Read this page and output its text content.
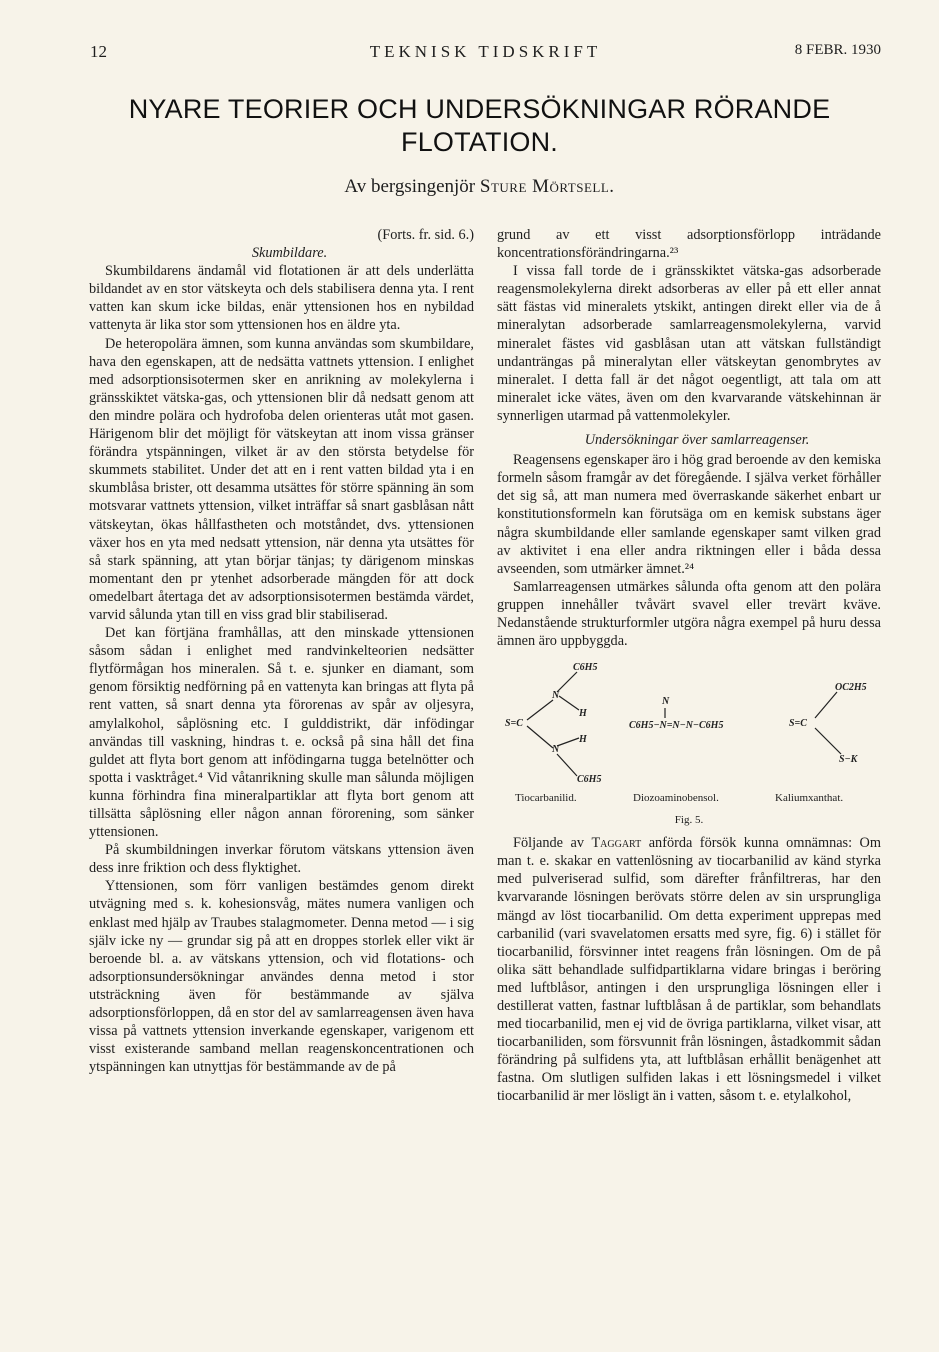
12	TEKNISK TIDSKRIFT	8 FEBR. 1930
NYARE TEORIER OCH UNDERSÖKNINGAR RÖRANDE
FLOTATION.
Av bergsingenjör Sture Mörtsell.

(Forts. fr. sid. 6.)

Skumbildare.

Skumbildarens ändamål vid flotationen är att dels underlätta bildandet av en stor vätskeyta och dels stabilisera denna yta. I rent vatten kan skum icke bildas, enär yttensionen hos en nybildad vattenyta är lika stor som yttensionen hos en äldre yta.

De heteropolära ämnen, som kunna användas som skumbildare, hava den egenskapen, att de nedsätta vattnets yttension. I enlighet med adsorptionsisotermen sker en anrikning av molekylerna i gränsskiktet vätska-gas, och yttensionen blir då nedsatt genom att den mindre polära och hydrofoba delen orienteras utåt mot gasen. Härigenom blir det möjligt för vätskeytan att inom vissa gränser förändra ytspänningen, vilket är av den största betydelse för skummets stabilitet. Under det att en i rent vatten bildad yta i en skumblåsa brister, ott desamma utsättes för större spänning än som motsvarar vattnets yttension, vilket inträffar så snart gasblåsan nått vätskeytan, ökas hållfastheten och motståndet, dvs. yttensionen växer hos en yta med nedsatt yttension, när denna yta utsättes för så stark spänning, att ytan börjar tänjas; ty därigenom minskas momentant den pr ytenhet adsorberade mängden för att dock omedelbart återtaga det av adsorptionsisotermen bestämda värdet, varvid sålunda ytan till en viss grad blir stabiliserad.

Det kan förtjäna framhållas, att den minskade yttensionen såsom sådan i enlighet med randvinkelteorien nedsätter flytförmågan hos mineralen. Så t. e. sjunker en diamant, som genom försiktig nedförning på en vattenyta kan bringas att flyta på rent vatten, så snart denna yta förorenas av spår av oljesyra, amylalkohol, såplösning etc. I gulddistrikt, där infödingar användas till vaskning, hindras t. e. också på sina håll det fina guldet att flyta bort genom att infödingarna tugga betelnötter och spotta i vasktråget.⁴ Vid våtanrikning skulle man sålunda möjligen kunna förhindra fina mineralpartiklar att flyta bort genom att tillsätta såplösning eller någon annan förorening, som sänker yttensionen.

På skumbildningen inverkar förutom vätskans yttension även dess inre friktion och dess flyktighet.

Yttensionen, som förr vanligen bestämdes genom direkt utvägning med s. k. kohesionsvåg, mätes numera vanligen och enklast med hjälp av Traubes stalagmometer. Denna metod — i sig själv icke ny — grundar sig på att en droppes storlek eller vikt är beroende bl. a. av vätskans yttension, och vid flotations- och adsorptionsundersökningar användes denna metod i stor utsträckning även för bestämmande av själva adsorptionsförloppen, då en stor del av samlarreagensen även hava vissa på vattnets yttension inverkande egenskaper, varigenom ett visst existerande samband mellan reagenskoncentrationen och ytspänningen kan utnyttjas för bestämmande av de på

grund av ett visst adsorptionsförlopp inträdande koncentrationsförändringarna.²³

I vissa fall torde de i gränsskiktet vätska-gas adsorberade reagensmolekylerna direkt adsorberas av eller på ett eller annat sätt fästas vid mineralets ytskikt, antingen direkt eller via de å mineralytan adsorberade samlarreagensmolekylerna, varvid mineralet fästes vid gasblåsan utan att vätskan fullständigt undanträngas på mineralytan eller vätskeytan genombrytes av mineralet. I detta fall är det något oegentligt, att tala om att mineralet icke vätes, även om den kvarvarande vätskehinnan är synnerligen utarmad på vattenmolekyler.

Undersökningar över samlarreagenser.

Reagensens egenskaper äro i hög grad beroende av den kemiska formeln såsom framgår av det föregående. I själva verket förhåller det sig så, att man numera med överraskande säkerhet enbart ur konstitutionsformeln kan förutsäga om en kemisk substans äger några skumbildande eller samlande egenskaper samt vilken grad av aktivitet i ena eller andra riktningen eller i båda dessa avseenden, som utmärker ämnet.²⁴

Samlarreagensen utmärkes sålunda ofta genom att den polära gruppen innehåller tvåvärt svavel eller trevärt kväve. Nedanstående strukturformler utgöra några exempel på huru dessa ämnen äro uppbyggda.

C6H5
N
H
S=C
N
H
C6H5
N
C6H5−N=N−N−C6H5
OC2H5
S=C
S−K
Tiocarbanilid.	Diozoaminobensol.	Kaliumxanthat.
Fig. 5.

Följande av Taggart anförda försök kunna omnämnas: Om man t. e. skakar en vattenlösning av tiocarbanilid av känd styrka med pulveriserad sulfid, som därefter frånfiltreras, har den kvarvarande lösningen berövats större delen av sin ursprungliga mängd av löst tiocarbanilid. Om detta experiment upprepas med carbanilid (vari svavelatomen ersatts med syre, fig. 6) i stället för tiocarbanilid, försvinner intet reagens från lösningen. Om de på olika sätt behandlade sulfidpartiklarna vidare bringas i beröring med luftblåsor, antingen i den ursprungliga lösningen eller i destillerat vatten, fastnar luftblåsan å de partiklar, som behandlats med tiocarbanilid, men ej vid de övriga partiklarna, vilket visar, att tiocarbaniliden, som försvunnit från lösningen, åstadkommit sådan förändring på sulfidens yta, att luftblåsan erhållit benägenhet att fastna. Om slutligen sulfiden lakas i ett lösningsmedel i vilket tiocarbanilid är mer lösligt än i vatten, såsom t. e. etylalkohol,
